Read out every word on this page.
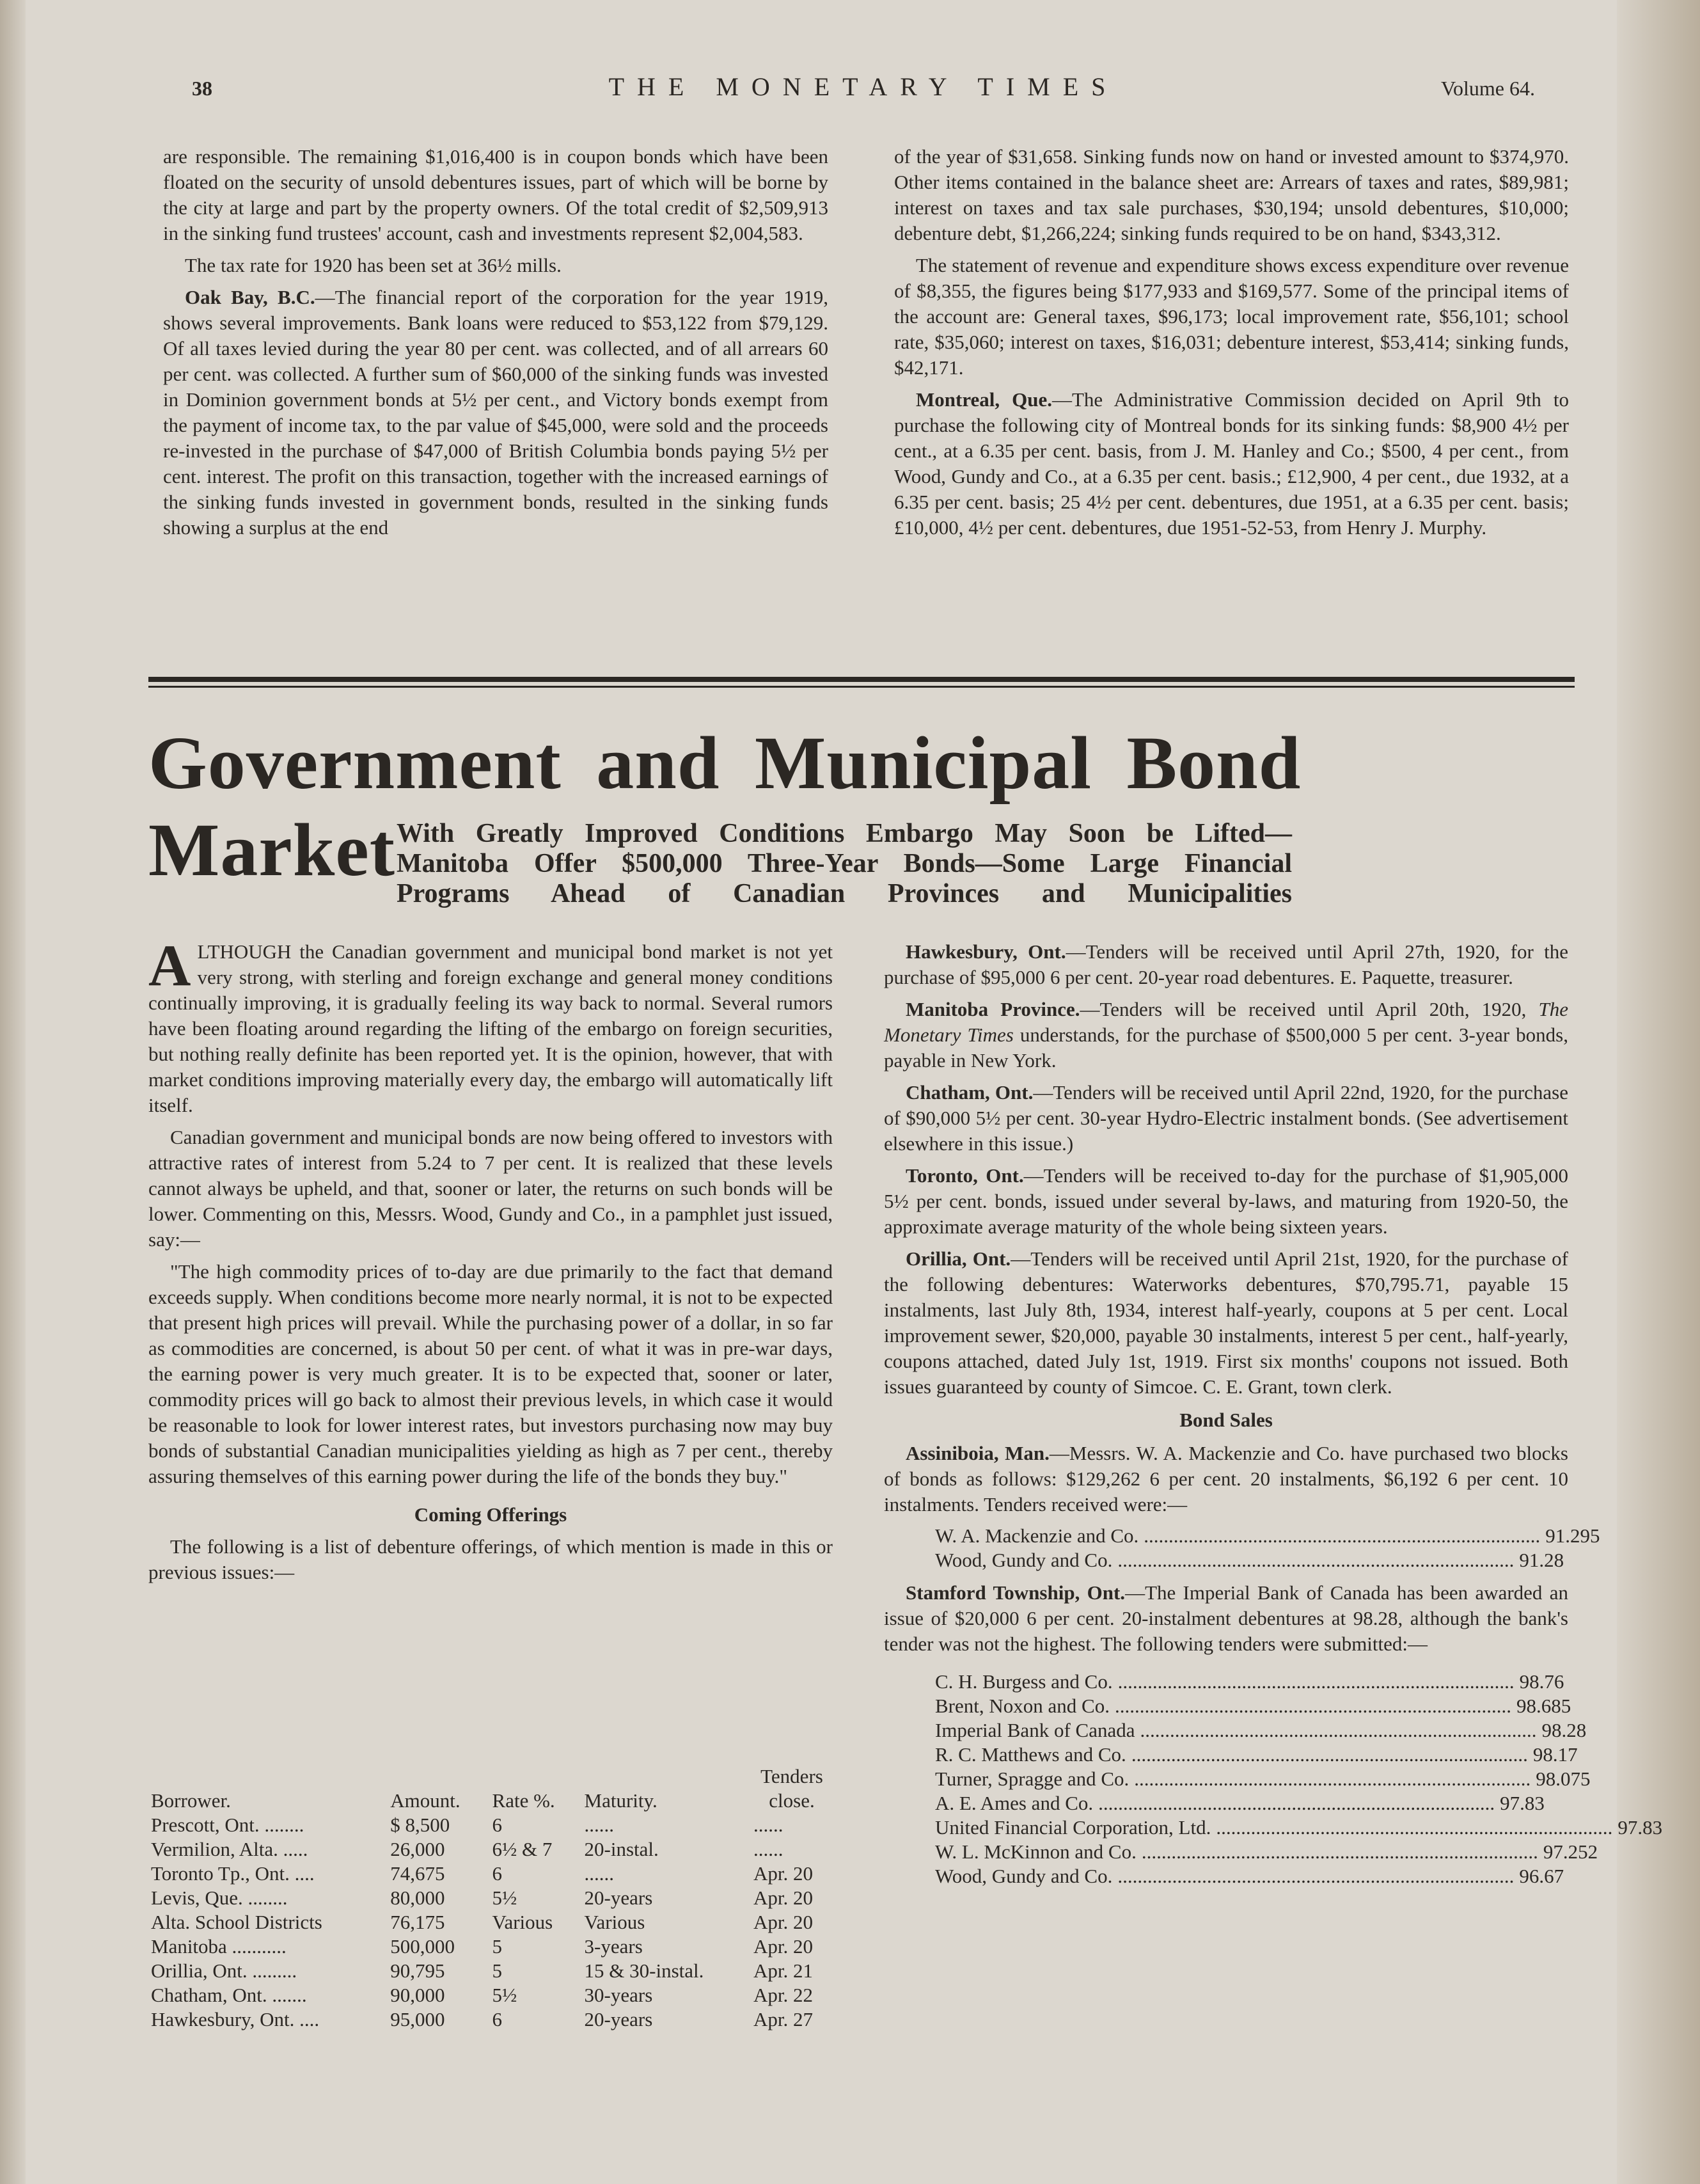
38	THE MONETARY TIMES	Volume 64.

are responsible. The remaining $1,016,400 is in coupon bonds which have been floated on the security of unsold debentures issues, part of which will be borne by the city at large and part by the property owners. Of the total credit of $2,509,913 in the sinking fund trustees' account, cash and investments represent $2,004,583.

The tax rate for 1920 has been set at 36½ mills.

Oak Bay, B.C.—The financial report of the corporation for the year 1919, shows several improvements. Bank loans were reduced to $53,122 from $79,129. Of all taxes levied during the year 80 per cent. was collected, and of all arrears 60 per cent. was collected. A further sum of $60,000 of the sinking funds was invested in Dominion government bonds at 5½ per cent., and Victory bonds exempt from the payment of income tax, to the par value of $45,000, were sold and the proceeds re-invested in the purchase of $47,000 of British Columbia bonds paying 5½ per cent. interest. The profit on this transaction, together with the increased earnings of the sinking funds invested in government bonds, resulted in the sinking funds showing a surplus at the end

of the year of $31,658. Sinking funds now on hand or invested amount to $374,970. Other items contained in the balance sheet are: Arrears of taxes and rates, $89,981; interest on taxes and tax sale purchases, $30,194; unsold debentures, $10,000; debenture debt, $1,266,224; sinking funds required to be on hand, $343,312.

The statement of revenue and expenditure shows excess expenditure over revenue of $8,355, the figures being $177,933 and $169,577. Some of the principal items of the account are: General taxes, $96,173; local improvement rate, $56,101; school rate, $35,060; interest on taxes, $16,031; debenture interest, $53,414; sinking funds, $42,171.

Montreal, Que.—The Administrative Commission decided on April 9th to purchase the following city of Montreal bonds for its sinking funds: $8,900 4½ per cent., at a 6.35 per cent. basis, from J. M. Hanley and Co.; $500, 4 per cent., from Wood, Gundy and Co., at a 6.35 per cent. basis.; £12,900, 4 per cent., due 1932, at a 6.35 per cent. basis; 25 4½ per cent. debentures, due 1951, at a 6.35 per cent. basis; £10,000, 4½ per cent. debentures, due 1951-52-53, from Henry J. Murphy.

Government and Municipal Bond Market With Greatly Improved Conditions Embargo May Soon be Lifted—
Manitoba Offer $500,000 Three-Year Bonds—Some Large Financial
Programs Ahead of Canadian Provinces and Municipalities

ALTHOUGH the Canadian government and municipal bond market is not yet very strong, with sterling and foreign exchange and general money conditions continually improving, it is gradually feeling its way back to normal. Several rumors have been floating around regarding the lifting of the embargo on foreign securities, but nothing really definite has been reported yet. It is the opinion, however, that with market conditions improving materially every day, the embargo will automatically lift itself.

Canadian government and municipal bonds are now being offered to investors with attractive rates of interest from 5.24 to 7 per cent. It is realized that these levels cannot always be upheld, and that, sooner or later, the returns on such bonds will be lower. Commenting on this, Messrs. Wood, Gundy and Co., in a pamphlet just issued, say:—

"The high commodity prices of to-day are due primarily to the fact that demand exceeds supply. When conditions become more nearly normal, it is not to be expected that present high prices will prevail. While the purchasing power of a dollar, in so far as commodities are concerned, is about 50 per cent. of what it was in pre-war days, the earning power is very much greater. It is to be expected that, sooner or later, commodity prices will go back to almost their previous levels, in which case it would be reasonable to look for lower interest rates, but investors purchasing now may buy bonds of substantial Canadian municipalities yielding as high as 7 per cent., thereby assuring themselves of this earning power during the life of the bonds they buy."

Coming Offerings

The following is a list of debenture offerings, of which mention is made in this or previous issues:—

Borrower.	Amount.	Rate %.	Maturity.	Tenders close.
Prescott, Ont. ........	$ 8,500	6	......	......
Vermilion, Alta. .....	26,000	6½ & 7	20-instal.	......
Toronto Tp., Ont. ....	74,675	6	......	Apr. 20
Levis, Que. ........	80,000	5½	20-years	Apr. 20
Alta. School Districts	76,175	Various	Various	Apr. 20
Manitoba ...........	500,000	5	3-years	Apr. 20
Orillia, Ont. .........	90,795	5	15 & 30-instal.	Apr. 21
Chatham, Ont. .......	90,000	5½	30-years	Apr. 22
Hawkesbury, Ont. ....	95,000	6	20-years	Apr. 27

Hawkesbury, Ont.—Tenders will be received until April 27th, 1920, for the purchase of $95,000 6 per cent. 20-year road debentures. E. Paquette, treasurer.

Manitoba Province.—Tenders will be received until April 20th, 1920, The Monetary Times understands, for the purchase of $500,000 5 per cent. 3-year bonds, payable in New York.

Chatham, Ont.—Tenders will be received until April 22nd, 1920, for the purchase of $90,000 5½ per cent. 30-year Hydro-Electric instalment bonds. (See advertisement elsewhere in this issue.)

Toronto, Ont.—Tenders will be received to-day for the purchase of $1,905,000 5½ per cent. bonds, issued under several by-laws, and maturing from 1920-50, the approximate average maturity of the whole being sixteen years.

Orillia, Ont.—Tenders will be received until April 21st, 1920, for the purchase of the following debentures: Waterworks debentures, $70,795.71, payable 15 instalments, last July 8th, 1934, interest half-yearly, coupons at 5 per cent. Local improvement sewer, $20,000, payable 30 instalments, interest 5 per cent., half-yearly, coupons attached, dated July 1st, 1919. First six months' coupons not issued. Both issues guaranteed by county of Simcoe. C. E. Grant, town clerk.

Bond Sales

Assiniboia, Man.—Messrs. W. A. Mackenzie and Co. have purchased two blocks of bonds as follows: $129,262 6 per cent. 20 instalments, $6,192 6 per cent. 10 instalments. Tenders received were:—

W. A. Mackenzie and Co. ................................................................................ 91.295
Wood, Gundy and Co. ................................................................................ 91.28

Stamford Township, Ont.—The Imperial Bank of Canada has been awarded an issue of $20,000 6 per cent. 20-instalment debentures at 98.28, although the bank's tender was not the highest. The following tenders were submitted:—

C. H. Burgess and Co. ................................................................................ 98.76
Brent, Noxon and Co. ................................................................................ 98.685
Imperial Bank of Canada ................................................................................ 98.28
R. C. Matthews and Co. ................................................................................ 98.17
Turner, Spragge and Co. ................................................................................ 98.075
A. E. Ames and Co. ................................................................................ 97.83
United Financial Corporation, Ltd. ................................................................................ 97.83
W. L. McKinnon and Co. ................................................................................ 97.252
Wood, Gundy and Co. ................................................................................ 96.67
